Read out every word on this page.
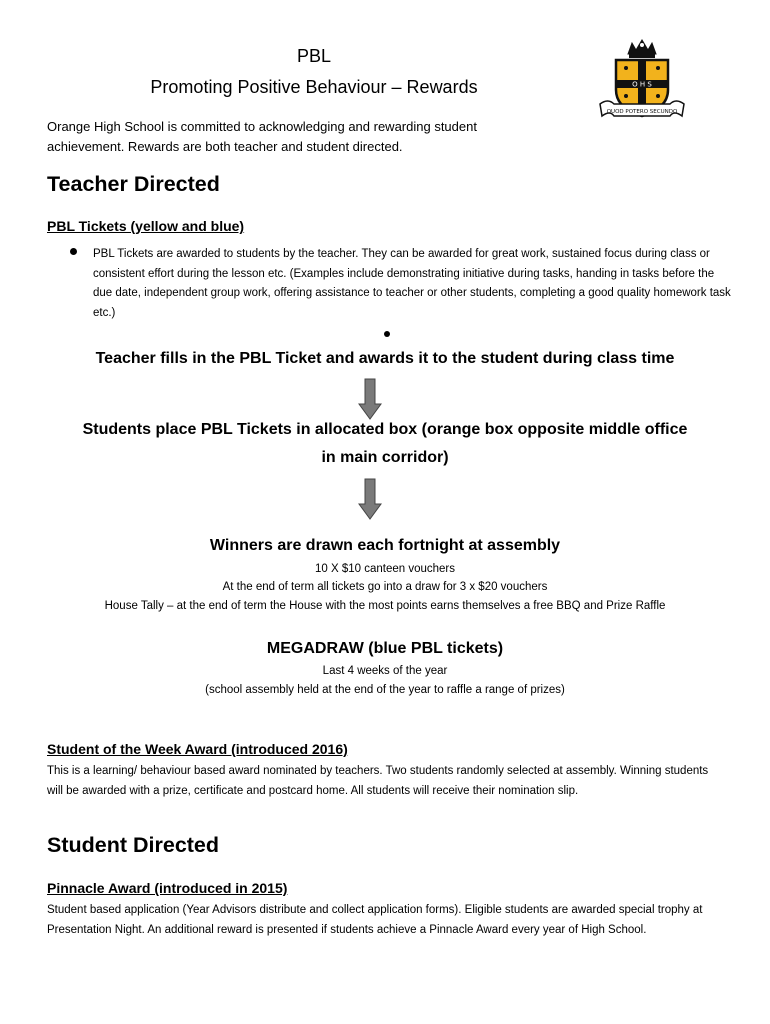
PBL
Promoting Positive Behaviour – Rewards	O H S
QUOD POTERO SECUNDO
Orange High School is committed to acknowledging and rewarding student achievement. Rewards are both teacher and student directed.
Teacher Directed
PBL Tickets (yellow and blue)
PBL Tickets are awarded to students by the teacher. They can be awarded for great work, sustained focus during class or consistent effort during the lesson etc. (Examples include demonstrating initiative during tasks, handing in tasks before the due date, independent group work, offering assistance to teacher or other students, completing a good quality homework task etc.)
Teacher fills in the PBL Ticket and awards it to the student during class time
Students place PBL Tickets in allocated box (orange box opposite middle office
in main corridor)
Winners are drawn each fortnight at assembly
10 X $10 canteen vouchers
At the end of term all tickets go into a draw for 3 x $20 vouchers
House Tally – at the end of term the House with the most points earns themselves a free BBQ and Prize Raffle
MEGADRAW (blue PBL tickets)
Last 4 weeks of the year
(school assembly held at the end of the year to raffle a range of prizes)
Student of the Week Award (introduced 2016)
This is a learning/ behaviour based award nominated by teachers. Two students randomly selected at assembly. Winning students will be awarded with a prize, certificate and postcard home. All students will receive their nomination slip.
Student Directed
Pinnacle Award (introduced in 2015)
Student based application (Year Advisors distribute and collect application forms). Eligible students are awarded special trophy at Presentation Night. An additional reward is presented if students achieve a Pinnacle Award every year of High School.
